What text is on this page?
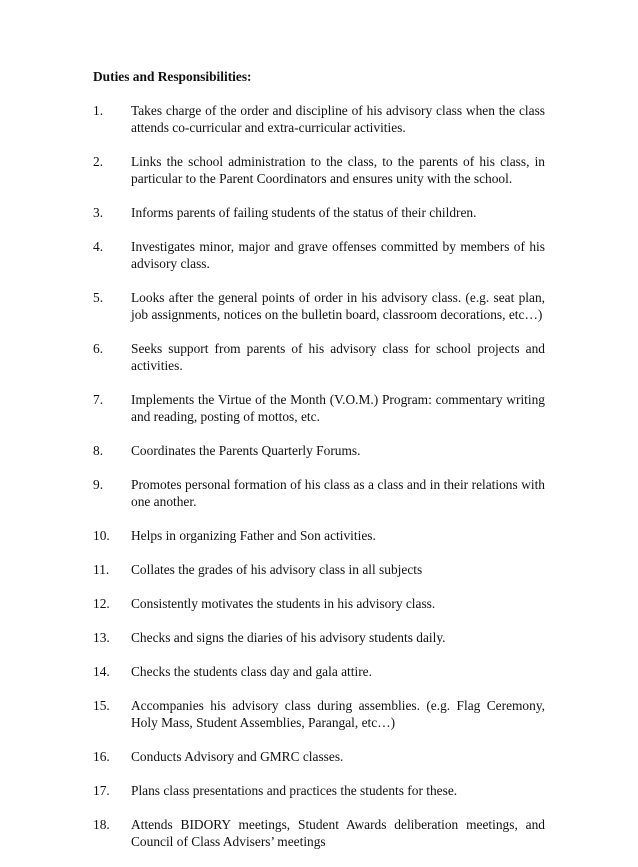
Duties and Responsibilities:
1.	Takes charge of the order and discipline of his advisory class when the class attends co-curricular and extra-curricular activities.
2.	Links the school administration to the class, to the parents of his class, in particular to the Parent Coordinators and ensures unity with the school.
3.	Informs parents of failing students of the status of their children.
4.	Investigates minor, major and grave offenses committed by members of his advisory class.
5.	Looks after the general points of order in his advisory class. (e.g. seat plan, job assignments, notices on the bulletin board, classroom decorations, etc…)
6.	Seeks support from parents of his advisory class for school projects and activities.
7.	Implements the Virtue of the Month (V.O.M.) Program: commentary writing and reading, posting of mottos, etc.
8.	Coordinates the Parents Quarterly Forums.
9.	Promotes personal formation of his class as a class and in their relations with one another.
10.	Helps in organizing Father and Son activities.
11.	Collates the grades of his advisory class in all subjects
12.	Consistently motivates the students in his advisory class.
13.	Checks and signs the diaries of his advisory students daily.
14.	Checks the students class day and gala attire.
15.	Accompanies his advisory class during assemblies. (e.g. Flag Ceremony, Holy Mass, Student Assemblies, Parangal, etc…)
16.	Conducts Advisory and GMRC classes.
17.	Plans class presentations and practices the students for these.
18.	Attends BIDORY meetings, Student Awards deliberation meetings, and Council of Class Advisers’ meetings
